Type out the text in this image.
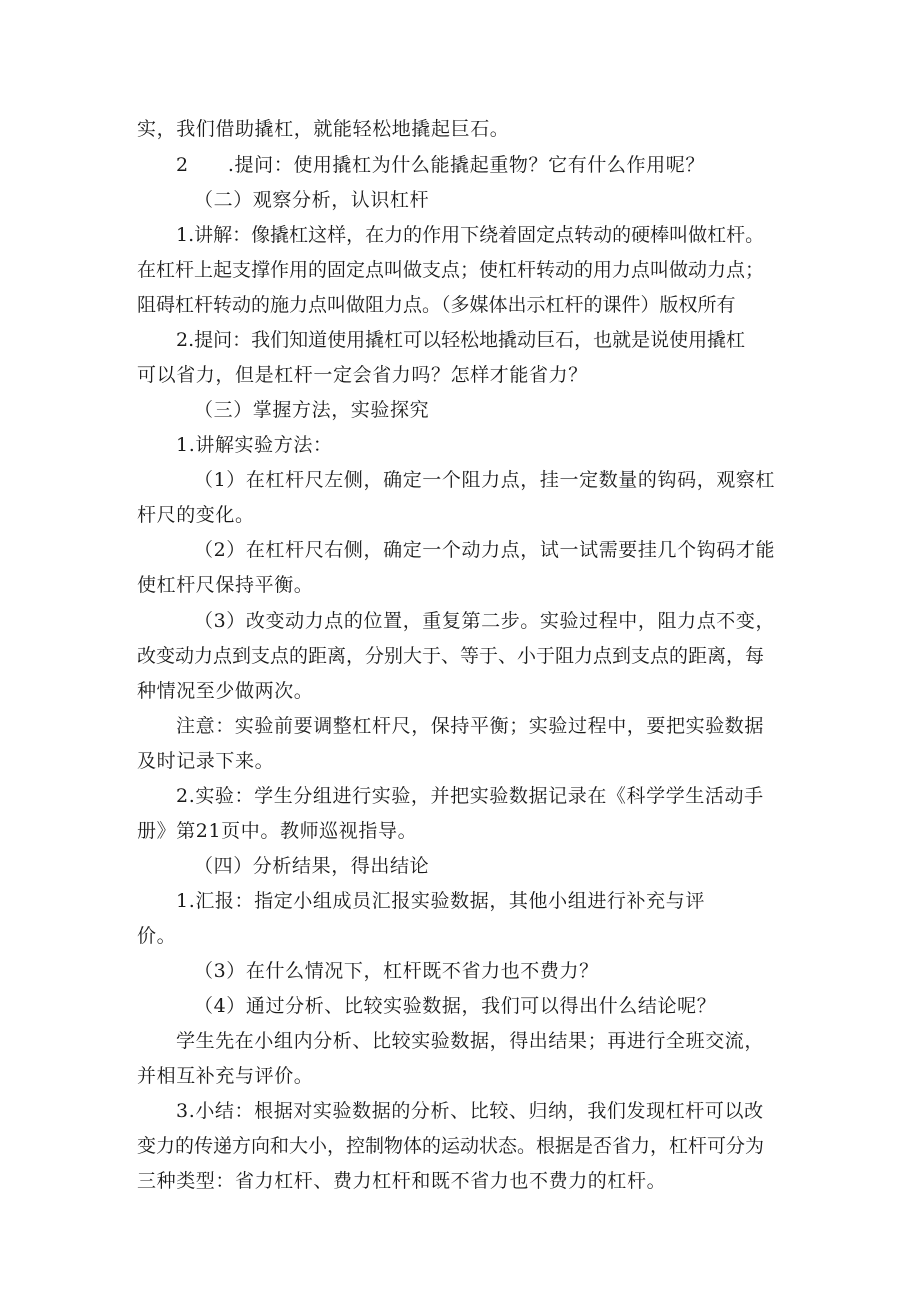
实，我们借助撬杠，就能轻松地撬起巨石。
2　　.提问：使用撬杠为什么能撬起重物？它有什么作用呢？
（二）观察分析，认识杠杆
1.讲解：像撬杠这样，在力的作用下绕着固定点转动的硬棒叫做杠杆。
在杠杆上起支撑作用的固定点叫做支点；使杠杆转动的用力点叫做动力点；
阻碍杠杆转动的施力点叫做阻力点。（多媒体出示杠杆的课件）版权所有
2.提问：我们知道使用撬杠可以轻松地撬动巨石，也就是说使用撬杠
可以省力，但是杠杆一定会省力吗？怎样才能省力？
（三）掌握方法，实验探究
1.讲解实验方法：
（1）在杠杆尺左侧，确定一个阻力点，挂一定数量的钩码，观察杠
杆尺的变化。
（2）在杠杆尺右侧，确定一个动力点，试一试需要挂几个钩码才能
使杠杆尺保持平衡。
（3）改变动力点的位置，重复第二步。实验过程中，阻力点不变，
改变动力点到支点的距离，分别大于、等于、小于阻力点到支点的距离，每
种情况至少做两次。
注意：实验前要调整杠杆尺，保持平衡；实验过程中，要把实验数据
及时记录下来。
2.实验：学生分组进行实验，并把实验数据记录在《科学学生活动手
册》第21页中。教师巡视指导。
（四）分析结果，得出结论
1.汇报：指定小组成员汇报实验数据，其他小组进行补充与评
价。
（3）在什么情况下，杠杆既不省力也不费力？
（4）通过分析、比较实验数据，我们可以得出什么结论呢？
学生先在小组内分析、比较实验数据，得出结果；再进行全班交流，
并相互补充与评价。
3.小结：根据对实验数据的分析、比较、归纳，我们发现杠杆可以改
变力的传递方向和大小，控制物体的运动状态。根据是否省力，杠杆可分为
三种类型：省力杠杆、费力杠杆和既不省力也不费力的杠杆。
